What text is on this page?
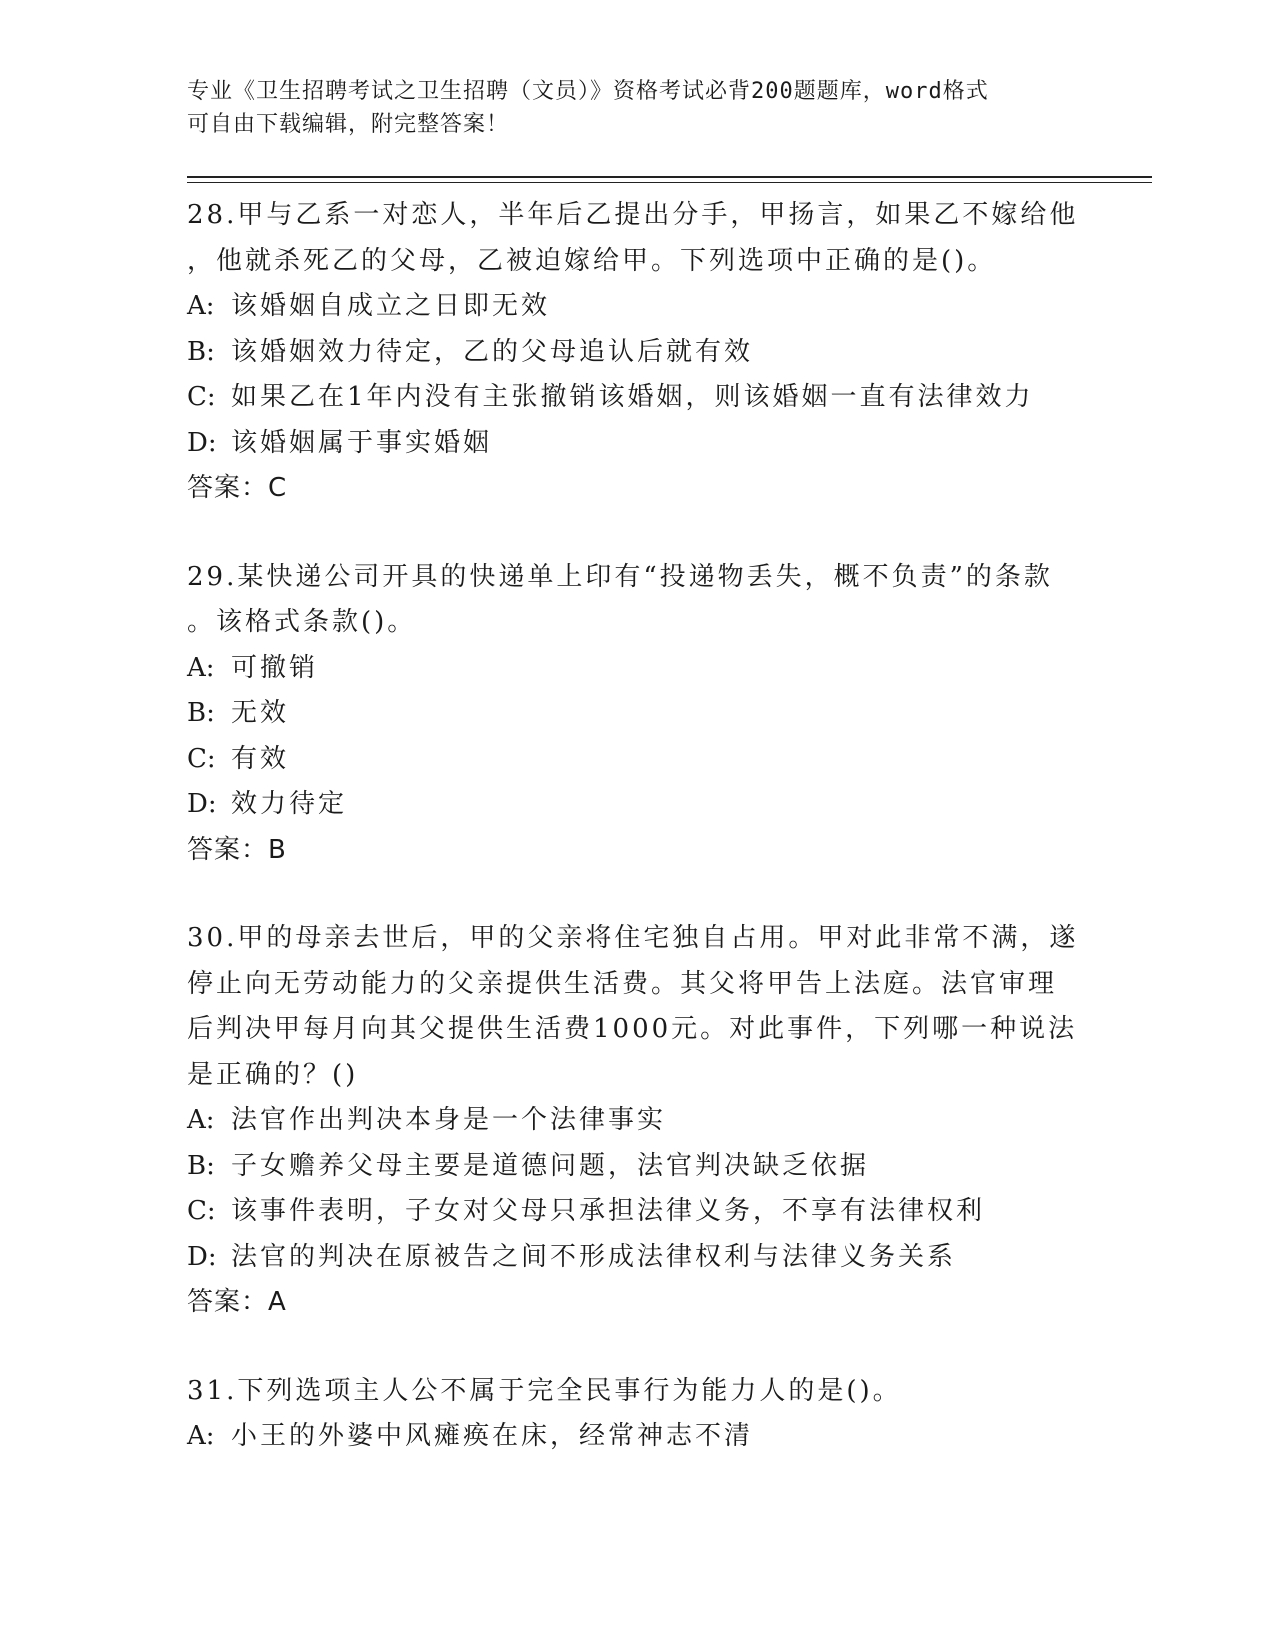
专业《卫生招聘考试之卫生招聘（文员）》资格考试必背200题题库，word格式
可自由下载编辑，附完整答案！
28.甲与乙系一对恋人，半年后乙提出分手，甲扬言，如果乙不嫁给他
，他就杀死乙的父母，乙被迫嫁给甲。下列选项中正确的是()。
A: 该婚姻自成立之日即无效
B: 该婚姻效力待定，乙的父母追认后就有效
C: 如果乙在1年内没有主张撤销该婚姻，则该婚姻一直有法律效力
D: 该婚姻属于事实婚姻
答案：C
29.某快递公司开具的快递单上印有“投递物丢失，概不负责”的条款
。该格式条款()。
A: 可撤销
B: 无效
C: 有效
D: 效力待定
答案：B
30.甲的母亲去世后，甲的父亲将住宅独自占用。甲对此非常不满，遂
停止向无劳动能力的父亲提供生活费。其父将甲告上法庭。法官审理
后判决甲每月向其父提供生活费1000元。对此事件，下列哪一种说法
是正确的？()
A: 法官作出判决本身是一个法律事实
B: 子女赡养父母主要是道德问题，法官判决缺乏依据
C: 该事件表明，子女对父母只承担法律义务，不享有法律权利
D: 法官的判决在原被告之间不形成法律权利与法律义务关系
答案：A
31.下列选项主人公不属于完全民事行为能力人的是()。
A: 小王的外婆中风瘫痪在床，经常神志不清
